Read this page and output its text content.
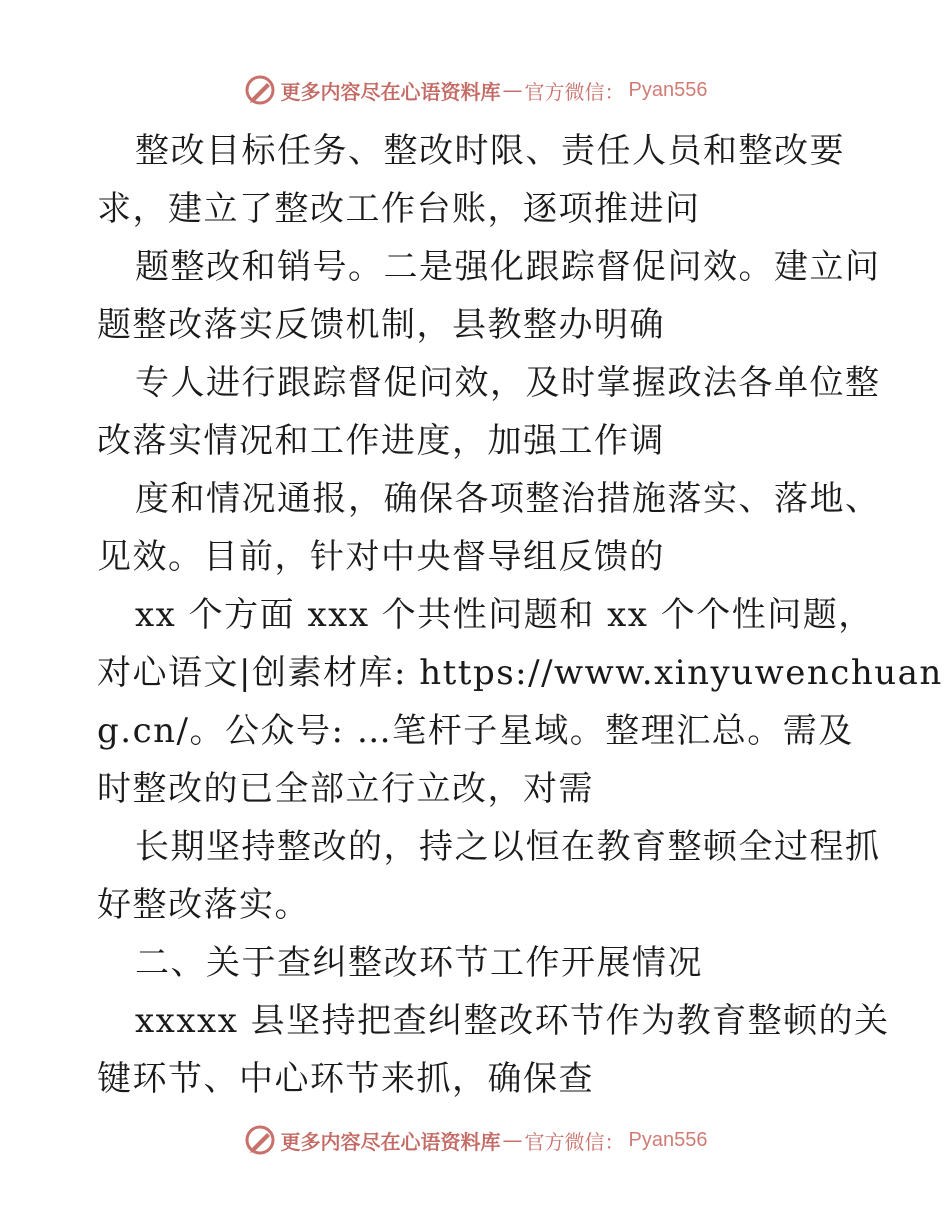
更多内容尽在心语资料库 — 官方微信： Pyan556
整改目标任务、整改时限、责任人员和整改要
求，建立了整改工作台账，逐项推进问
题整改和销号。二是强化跟踪督促问效。建立问
题整改落实反馈机制，县教整办明确
专人进行跟踪督促问效，及时掌握政法各单位整
改落实情况和工作进度，加强工作调
度和情况通报，确保各项整治措施落实、落地、
见效。目前，针对中央督导组反馈的
xx 个方面 xxx 个共性问题和 xx 个个性问题，
对心语文|创素材库: https://www.xinyuwenchuan
g.cn/。公众号: …笔杆子星域。整理汇总。需及
时整改的已全部立行立改，对需
长期坚持整改的，持之以恒在教育整顿全过程抓
好整改落实。
二、关于查纠整改环节工作开展情况
xxxxx 县坚持把查纠整改环节作为教育整顿的关
键环节、中心环节来抓，确保查
更多内容尽在心语资料库 — 官方微信： Pyan556
